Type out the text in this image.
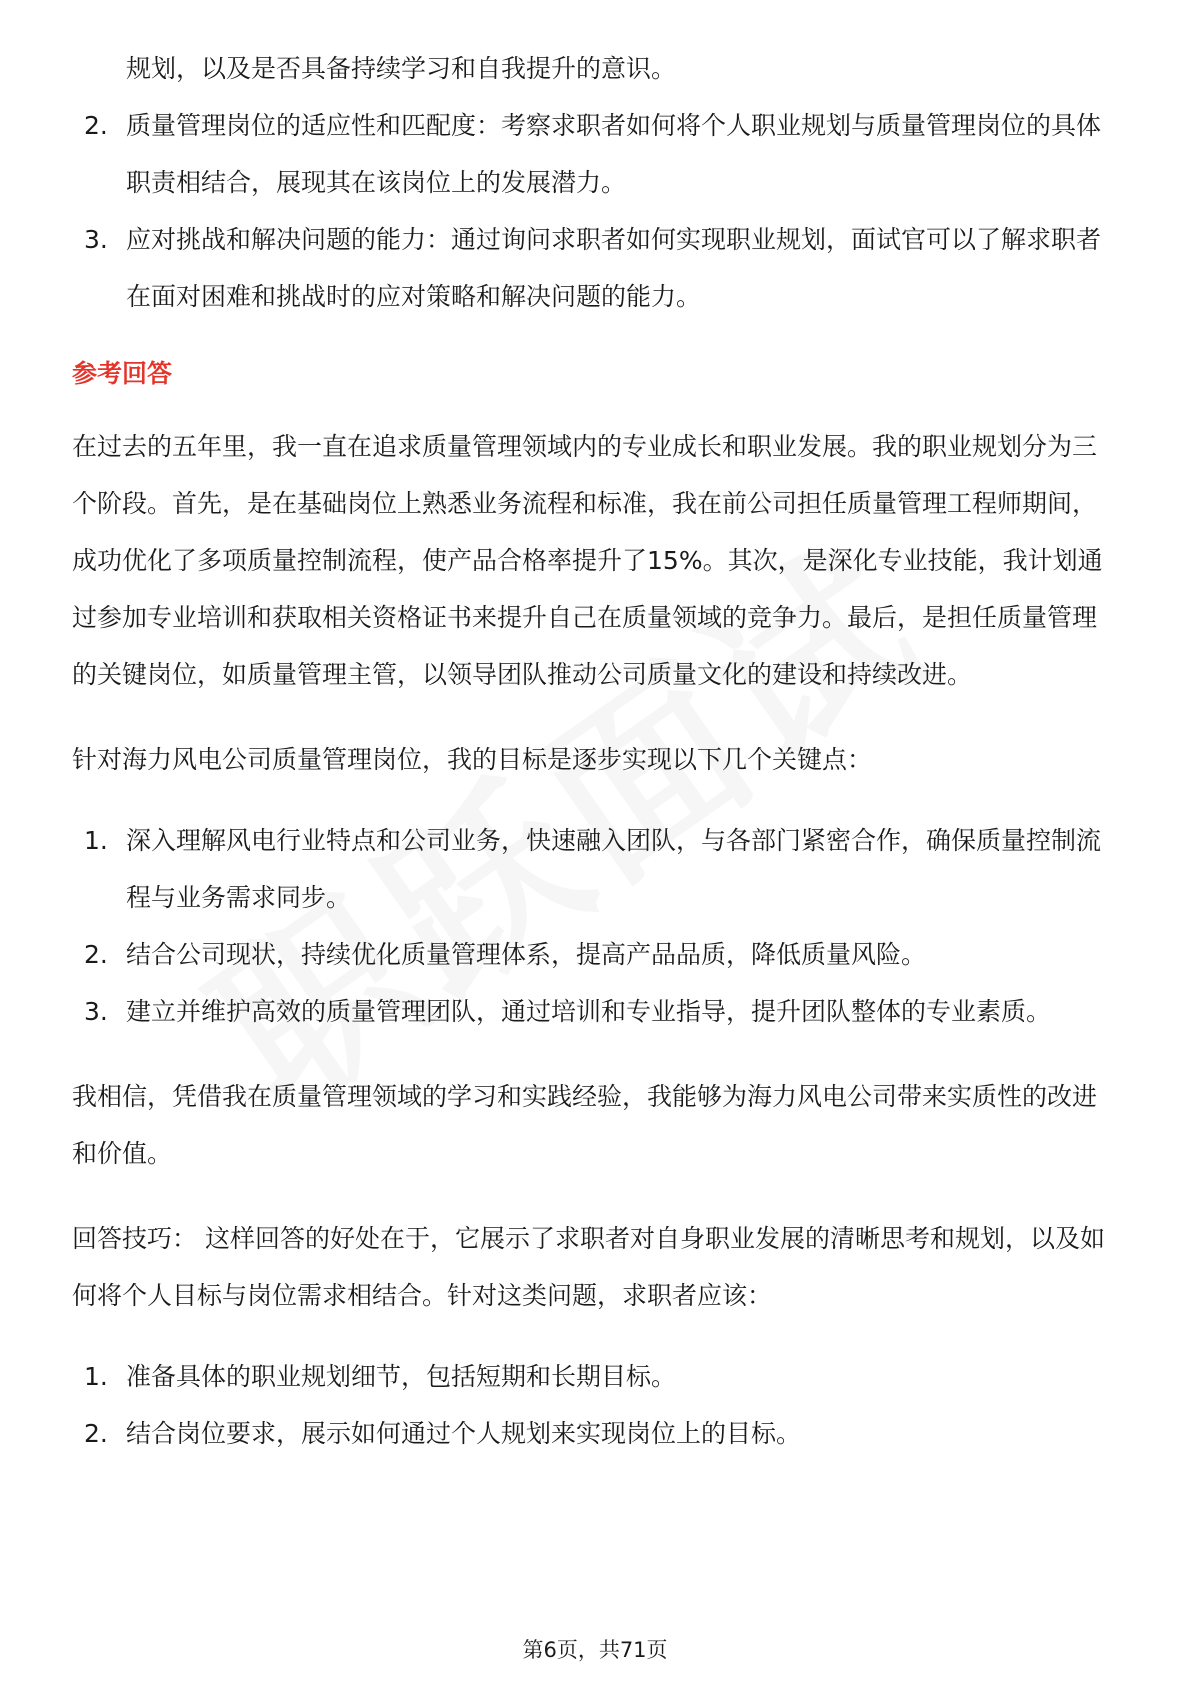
规划，以及是否具备持续学习和自我提升的意识。
2. 质量管理岗位的适应性和匹配度：考察求职者如何将个人职业规划与质量管理岗位的具体职责相结合，展现其在该岗位上的发展潜力。
3. 应对挑战和解决问题的能力：通过询问求职者如何实现职业规划，面试官可以了解求职者在面对困难和挑战时的应对策略和解决问题的能力。
参考回答

在过去的五年里，我一直在追求质量管理领域内的专业成长和职业发展。我的职业规划分为三个阶段。首先，是在基础岗位上熟悉业务流程和标准，我在前公司担任质量管理工程师期间，成功优化了多项质量控制流程，使产品合格率提升了15%。其次，是深化专业技能，我计划通过参加专业培训和获取相关资格证书来提升自己在质量领域的竞争力。最后，是担任质量管理的关键岗位，如质量管理主管，以领导团队推动公司质量文化的建设和持续改进。

针对海力风电公司质量管理岗位，我的目标是逐步实现以下几个关键点：

1. 深入理解风电行业特点和公司业务，快速融入团队，与各部门紧密合作，确保质量控制流程与业务需求同步。
2. 结合公司现状，持续优化质量管理体系，提高产品品质，降低质量风险。
3. 建立并维护高效的质量管理团队，通过培训和专业指导，提升团队整体的专业素质。

我相信，凭借我在质量管理领域的学习和实践经验，我能够为海力风电公司带来实质性的改进和价值。

回答技巧： 这样回答的好处在于，它展示了求职者对自身职业发展的清晰思考和规划，以及如何将个人目标与岗位需求相结合。针对这类问题，求职者应该：

1. 准备具体的职业规划细节，包括短期和长期目标。
2. 结合岗位要求，展示如何通过个人规划来实现岗位上的目标。
第6页，共71页
